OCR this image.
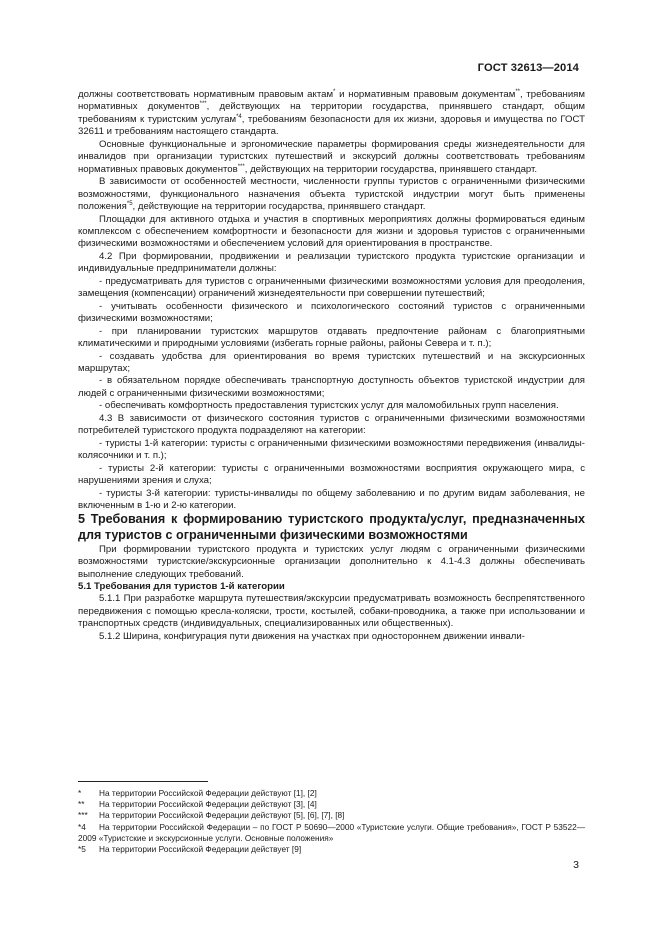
ГОСТ 32613—2014

должны соответствовать нормативным правовым актам* и нормативным правовым документам**, требованиям нормативных документов***, действующих на территории государства, принявшего стандарт, общим требованиям к туристским услугам$^{*4}$, требованиям безопасности для их жизни, здоровья и имущества по ГОСТ 32611 и требованиям настоящего стандарта.

Основные функциональные и эргономические параметры формирования среды жизнедеятельности для инвалидов при организации туристских путешествий и экскурсий должны соответствовать требованиям нормативных правовых документов***, действующих на территории государства, принявшего стандарт.

В зависимости от особенностей местности, численности группы туристов с ограниченными физическими возможностями, функционального назначения объекта туристской индустрии могут быть применены положения$^{*5}$, действующие на территории государства, принявшего стандарт.

Площадки для активного отдыха и участия в спортивных мероприятиях должны формироваться единым комплексом с обеспечением комфортности и безопасности для жизни и здоровья туристов с ограниченными физическими возможностями и обеспечением условий для ориентирования в пространстве.

4.2 При формировании, продвижении и реализации туристского продукта туристские организации и индивидуальные предприниматели должны:

- предусматривать для туристов с ограниченными физическими возможностями условия для преодоления, замещения (компенсации) ограничений жизнедеятельности при совершении путешествий;

- учитывать особенности физического и психологического состояний туристов с ограниченными физическими возможностями;

- при планировании туристских маршрутов отдавать предпочтение районам с благоприятными климатическими и природными условиями (избегать горные районы, районы Севера и т. п.);

- создавать удобства для ориентирования во время туристских путешествий и на экскурсионных маршрутах;

- в обязательном порядке обеспечивать транспортную доступность объектов туристской индустрии для людей с ограниченными физическими возможностями;

- обеспечивать комфортность предоставления туристских услуг для маломобильных групп населения.

4.3 В зависимости от физического состояния туристов с ограниченными физическими возможностями потребителей туристского продукта подразделяют на категории:

- туристы 1-й категории: туристы с ограниченными физическими возможностями передвижения (инвалиды-колясочники и т. п.);

- туристы 2-й категории: туристы с ограниченными возможностями восприятия окружающего мира, с нарушениями зрения и слуха;

- туристы 3-й категории: туристы-инвалиды по общему заболеванию и по другим видам заболевания, не включенным в 1-ю и 2-ю категории.

5 Требования к формированию туристского продукта/услуг, предназначенных для туристов с ограниченными физическими возможностями

При формировании туристского продукта и туристских услуг людям с ограниченными физическими возможностями туристские/экскурсионные организации дополнительно к 4.1-4.3 должны обеспечивать выполнение следующих требований.

5.1 Требования для туристов 1-й категории

5.1.1 При разработке маршрута путешествия/экскурсии предусматривать возможность беспрепятственного передвижения с помощью кресла-коляски, трости, костылей, собаки-проводника, а также при использовании и транспортных средств (индивидуальных, специализированных или общественных).

5.1.2 Ширина, конфигурация пути движения на участках при одностороннем движении инвали-

* На территории Российской Федерации действуют [1], [2]

** На территории Российской Федерации действуют [3], [4]

*** На территории Российской Федерации действуют [5], [6], [7], [8]

*4 На территории Российской Федерации – по ГОСТ Р 50690—2000 «Туристские услуги. Общие требования», ГОСТ Р 53522—2009 «Туристские и экскурсионные услуги. Основные положения»

*5 На территории Российской Федерации действует [9]

3
